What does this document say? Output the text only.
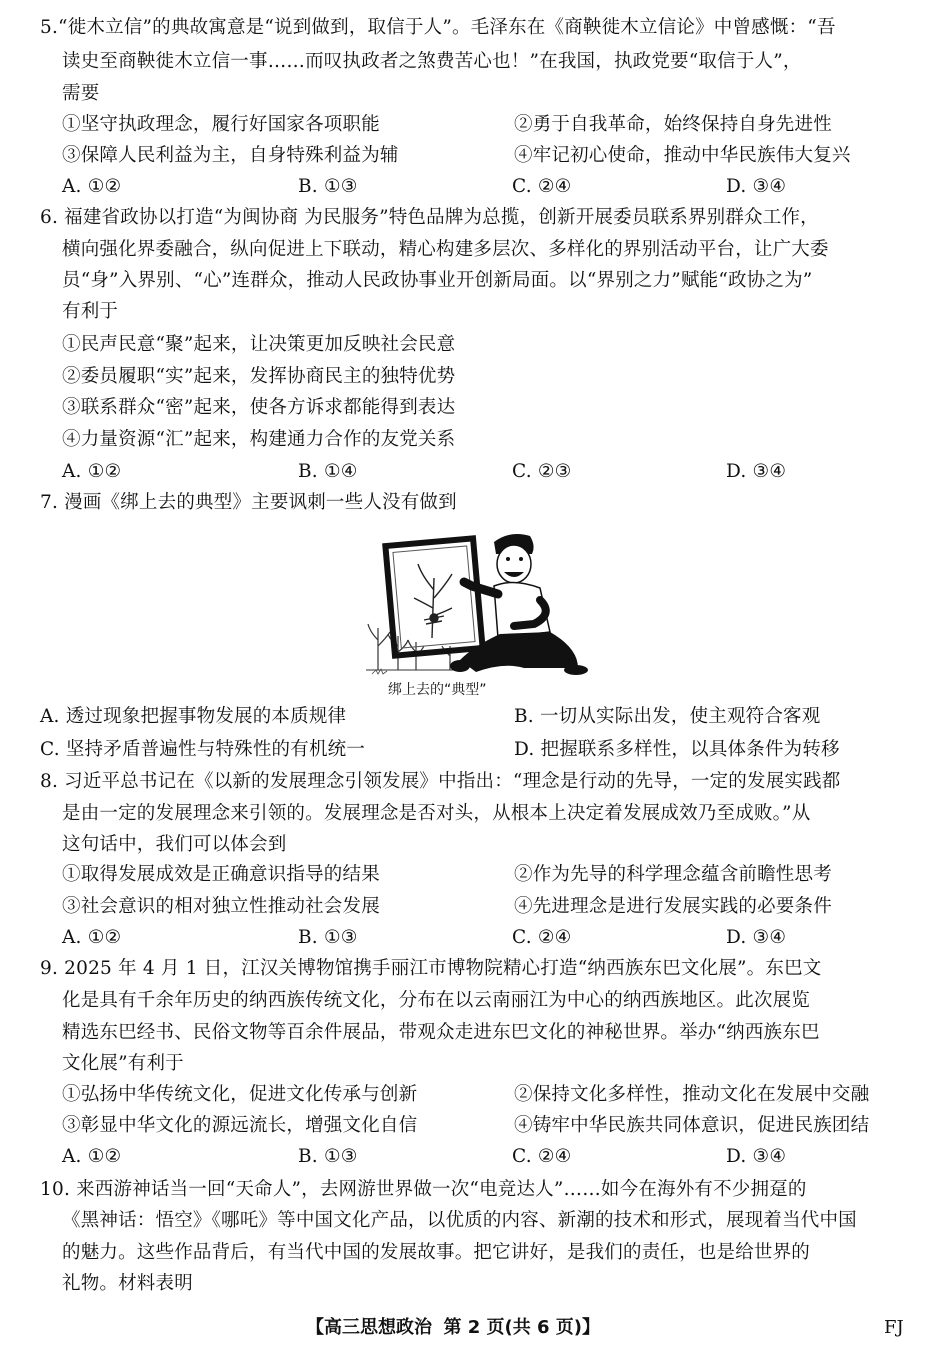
5.“徙木立信”的典故寓意是“说到做到，取信于人”。毛泽东在《商鞅徙木立信论》中曾感慨：“吾
读史至商鞅徙木立信一事……而叹执政者之煞费苦心也！”在我国，执政党要“取信于人”，
需要
①坚守执政理念，履行好国家各项职能	②勇于自我革命，始终保持自身先进性
③保障人民利益为主，自身特殊利益为辅	④牢记初心使命，推动中华民族伟大复兴
A. ①②	B. ①③	C. ②④	D. ③④
6. 福建省政协以打造“为闽协商 为民服务”特色品牌为总揽，创新开展委员联系界别群众工作，
横向强化界委融合，纵向促进上下联动，精心构建多层次、多样化的界别活动平台，让广大委
员“身”入界别、“心”连群众，推动人民政协事业开创新局面。以“界别之力”赋能“政协之为”
有利于
①民声民意“聚”起来，让决策更加反映社会民意
②委员履职“实”起来，发挥协商民主的独特优势
③联系群众“密”起来，使各方诉求都能得到表达
④力量资源“汇”起来，构建通力合作的友党关系
A. ①②	B. ①④	C. ②③	D. ③④
7. 漫画《绑上去的典型》主要讽刺一些人没有做到
绑上去的“典型”
A. 透过现象把握事物发展的本质规律	B. 一切从实际出发，使主观符合客观
C. 坚持矛盾普遍性与特殊性的有机统一	D. 把握联系多样性，以具体条件为转移
8. 习近平总书记在《以新的发展理念引领发展》中指出：“理念是行动的先导，一定的发展实践都
是由一定的发展理念来引领的。发展理念是否对头，从根本上决定着发展成效乃至成败。”从
这句话中，我们可以体会到
①取得发展成效是正确意识指导的结果	②作为先导的科学理念蕴含前瞻性思考
③社会意识的相对独立性推动社会发展	④先进理念是进行发展实践的必要条件
A. ①②	B. ①③	C. ②④	D. ③④
9. 2025 年 4 月 1 日，江汉关博物馆携手丽江市博物院精心打造“纳西族东巴文化展”。东巴文
化是具有千余年历史的纳西族传统文化，分布在以云南丽江为中心的纳西族地区。此次展览
精选东巴经书、民俗文物等百余件展品，带观众走进东巴文化的神秘世界。举办“纳西族东巴
文化展”有利于
①弘扬中华传统文化，促进文化传承与创新	②保持文化多样性，推动文化在发展中交融
③彰显中华文化的源远流长，增强文化自信	④铸牢中华民族共同体意识，促进民族团结
A. ①②	B. ①③	C. ②④	D. ③④
10. 来西游神话当一回“天命人”，去网游世界做一次“电竞达人”……如今在海外有不少拥趸的
《黑神话：悟空》《哪吒》等中国文化产品，以优质的内容、新潮的技术和形式，展现着当代中国
的魅力。这些作品背后，有当代中国的发展故事。把它讲好，是我们的责任，也是给世界的
礼物。材料表明
【高三思想政治 第 2 页(共 6 页)】	FJ
